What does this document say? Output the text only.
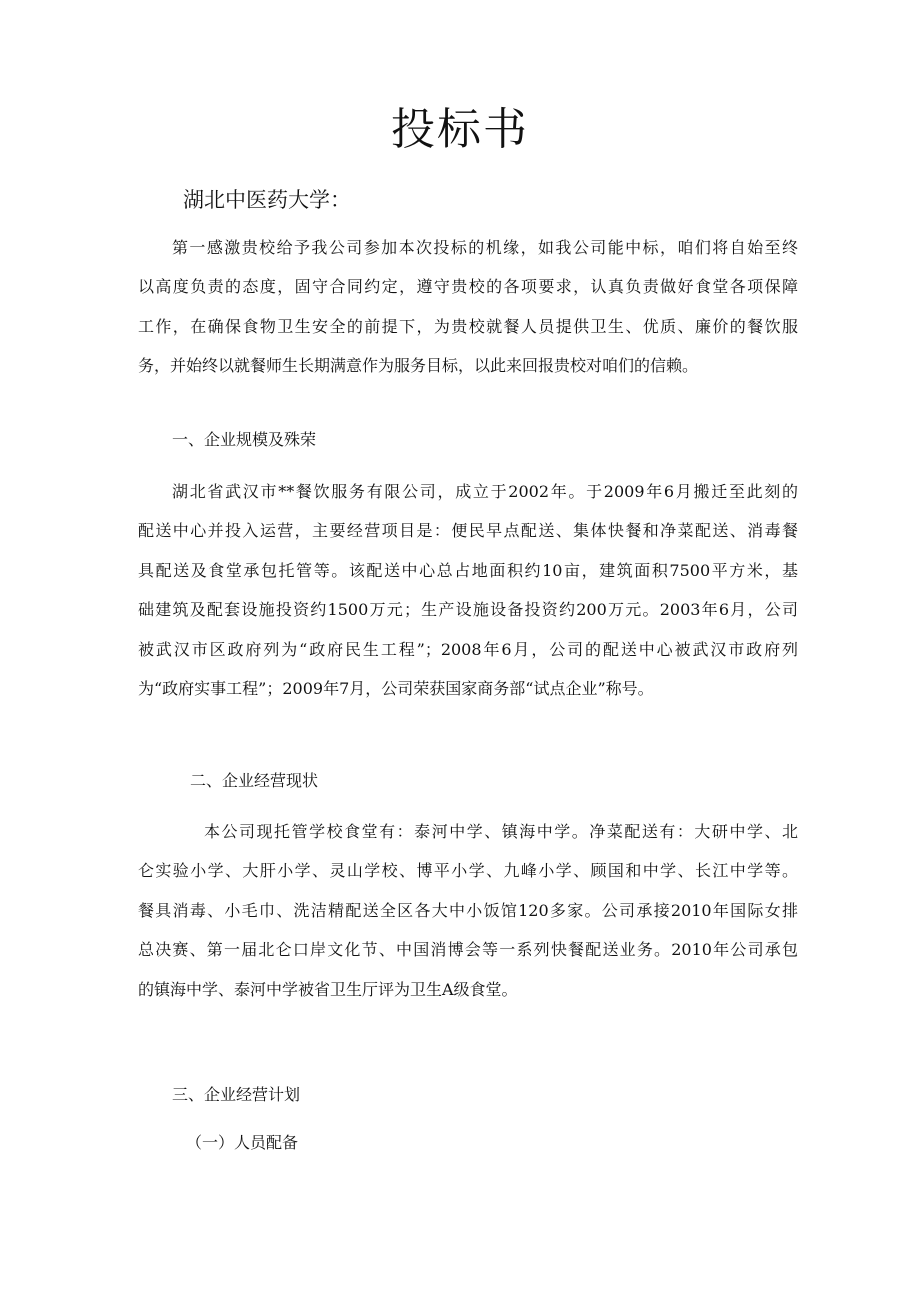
投标书

湖北中医药大学：

第一感激贵校给予我公司参加本次投标的机缘，如我公司能中标，咱们将自始至终
以高度负责的态度，固守合同约定，遵守贵校的各项要求，认真负责做好食堂各项保障
工作，在确保食物卫生安全的前提下，为贵校就餐人员提供卫生、优质、廉价的餐饮服
务，并始终以就餐师生长期满意作为服务目标，以此来回报贵校对咱们的信赖。

一、企业规模及殊荣

湖北省武汉市**餐饮服务有限公司，成立于2002年。于2009年6月搬迁至此刻的
配送中心并投入运营，主要经营项目是：便民早点配送、集体快餐和净菜配送、消毒餐
具配送及食堂承包托管等。该配送中心总占地面积约10亩，建筑面积7500平方米，基
础建筑及配套设施投资约1500万元；生产设施设备投资约200万元。2003年6月，公司
被武汉市区政府列为“政府民生工程”；2008年6月，公司的配送中心被武汉市政府列
为“政府实事工程”；2009年7月，公司荣获国家商务部“试点企业”称号。

二、企业经营现状

本公司现托管学校食堂有：泰河中学、镇海中学。净菜配送有：大研中学、北
仑实验小学、大肝小学、灵山学校、博平小学、九峰小学、顾国和中学、长江中学等。
餐具消毒、小毛巾、洗洁精配送全区各大中小饭馆120多家。公司承接2010年国际女排
总决赛、第一届北仑口岸文化节、中国消博会等一系列快餐配送业务。2010年公司承包
的镇海中学、泰河中学被省卫生厅评为卫生A级食堂。

三、企业经营计划

（一）人员配备
